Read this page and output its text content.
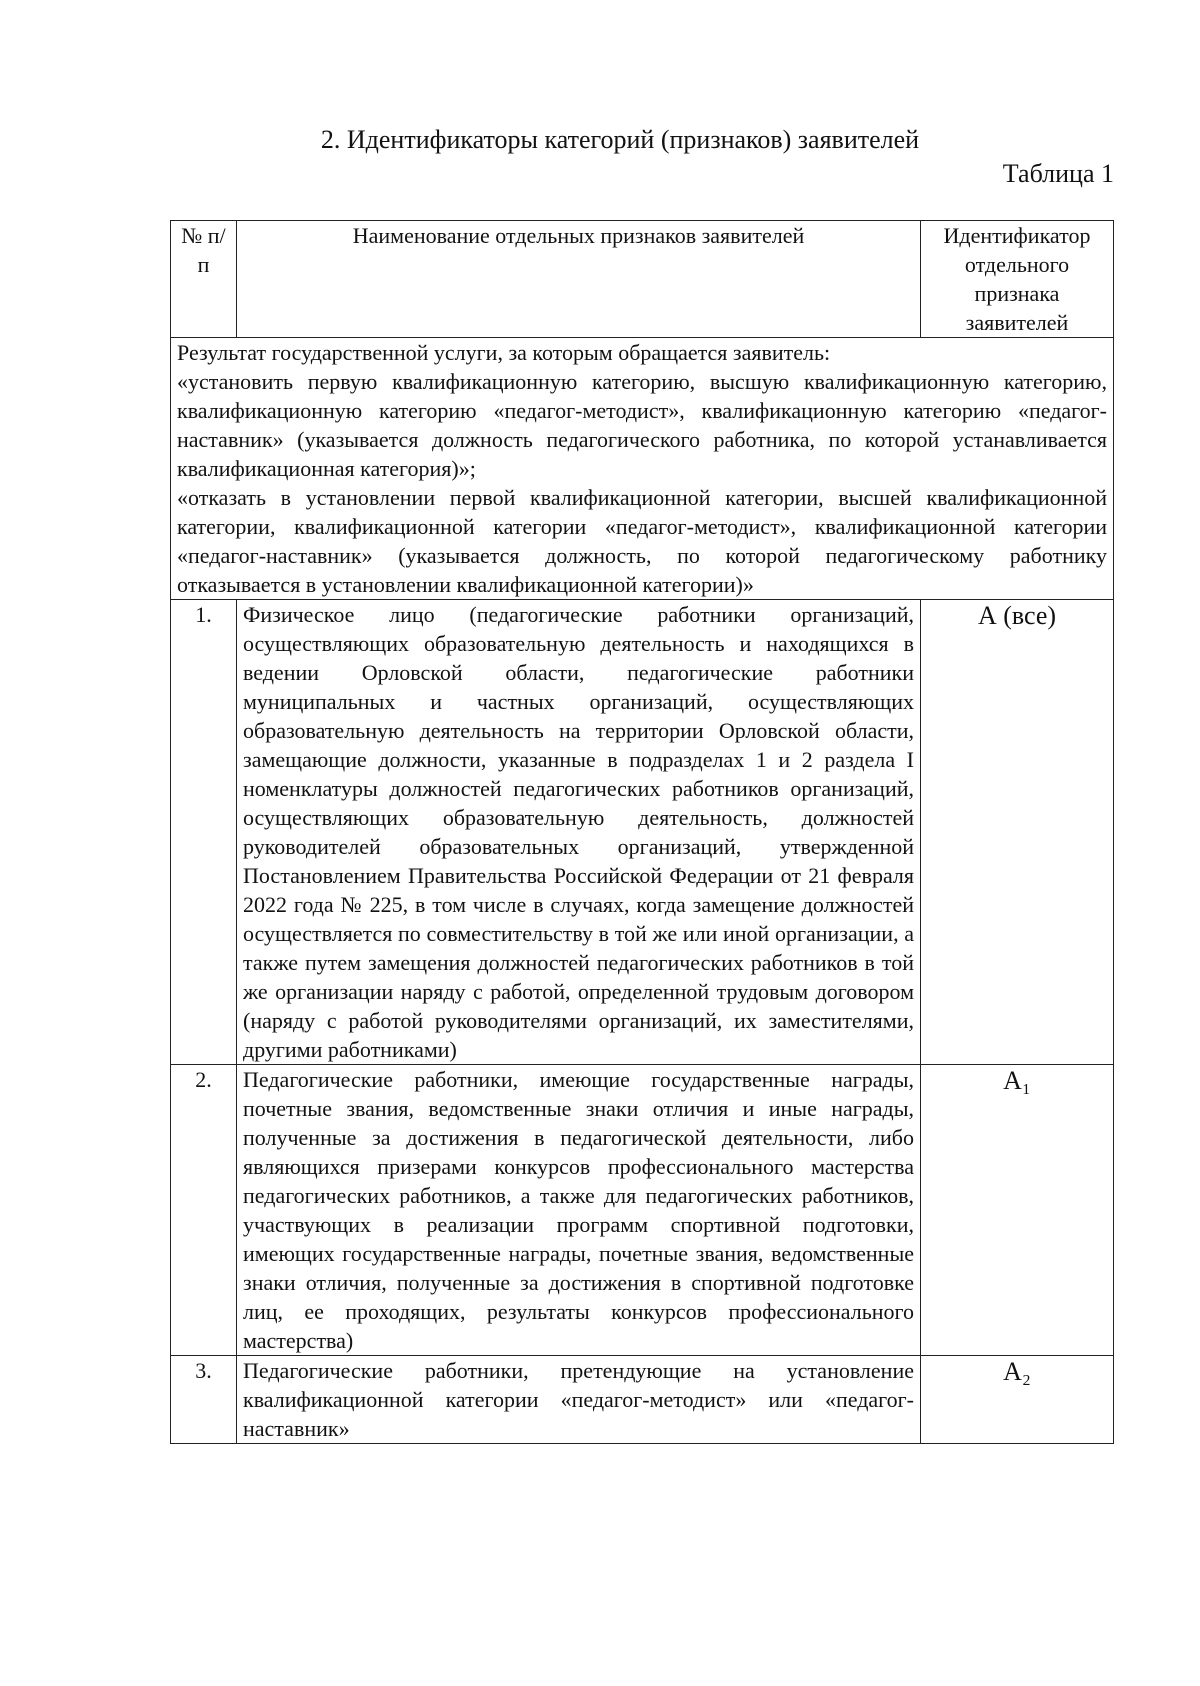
2. Идентификаторы категорий (признаков) заявителей

Таблица 1

№ п/п	Наименование отдельных признаков заявителей	Идентификатор отдельного признака заявителей

Результат государственной услуги, за которым обращается заявитель:

«установить первую квалификационную категорию, высшую квалификационную категорию, квалификационную категорию «педагог-методист», квалификационную категорию «педагог-наставник» (указывается должность педагогического работника, по которой устанавливается квалификационная категория)»;

«отказать в установлении первой квалификационной категории, высшей квалификационной категории, квалификационной категории «педагог-методист», квалификационной категории «педагог-наставник» (указывается должность, по которой педагогическому работнику отказывается в установлении квалификационной категории)»		

1.	Физическое лицо (педагогические работники организаций, осуществляющих образовательную деятельность и находящихся в ведении Орловской области, педагогические работники муниципальных и частных организаций, осуществляющих образовательную деятельность на территории Орловской области, замещающие должности, указанные в подразделах 1 и 2 раздела I номенклатуры должностей педагогических работников организаций, осуществляющих образовательную деятельность, должностей руководителей образовательных организаций, утвержденной Постановлением Правительства Российской Федерации от 21 февраля 2022 года № 225, в том числе в случаях, когда замещение должностей осуществляется по совместительству в той же или иной организации, а также путем замещения должностей педагогических работников в той же организации наряду с работой, определенной трудовым договором (наряду с работой руководителями организаций, их заместителями, другими работниками)	А (все)
2.	Педагогические работники, имеющие государственные награды, почетные звания, ведомственные знаки отличия и иные награды, полученные за достижения в педагогической деятельности, либо являющихся призерами конкурсов профессионального мастерства педагогических работников, а также для педагогических работников, участвующих в реализации программ спортивной подготовки, имеющих государственные награды, почетные звания, ведомственные знаки отличия, полученные за достижения в спортивной подготовке лиц, ее проходящих, результаты конкурсов профессионального мастерства)	А₁
3.	Педагогические работники, претендующие на установление квалификационной категории «педагог-методист» или «педагог-наставник»	А₂
